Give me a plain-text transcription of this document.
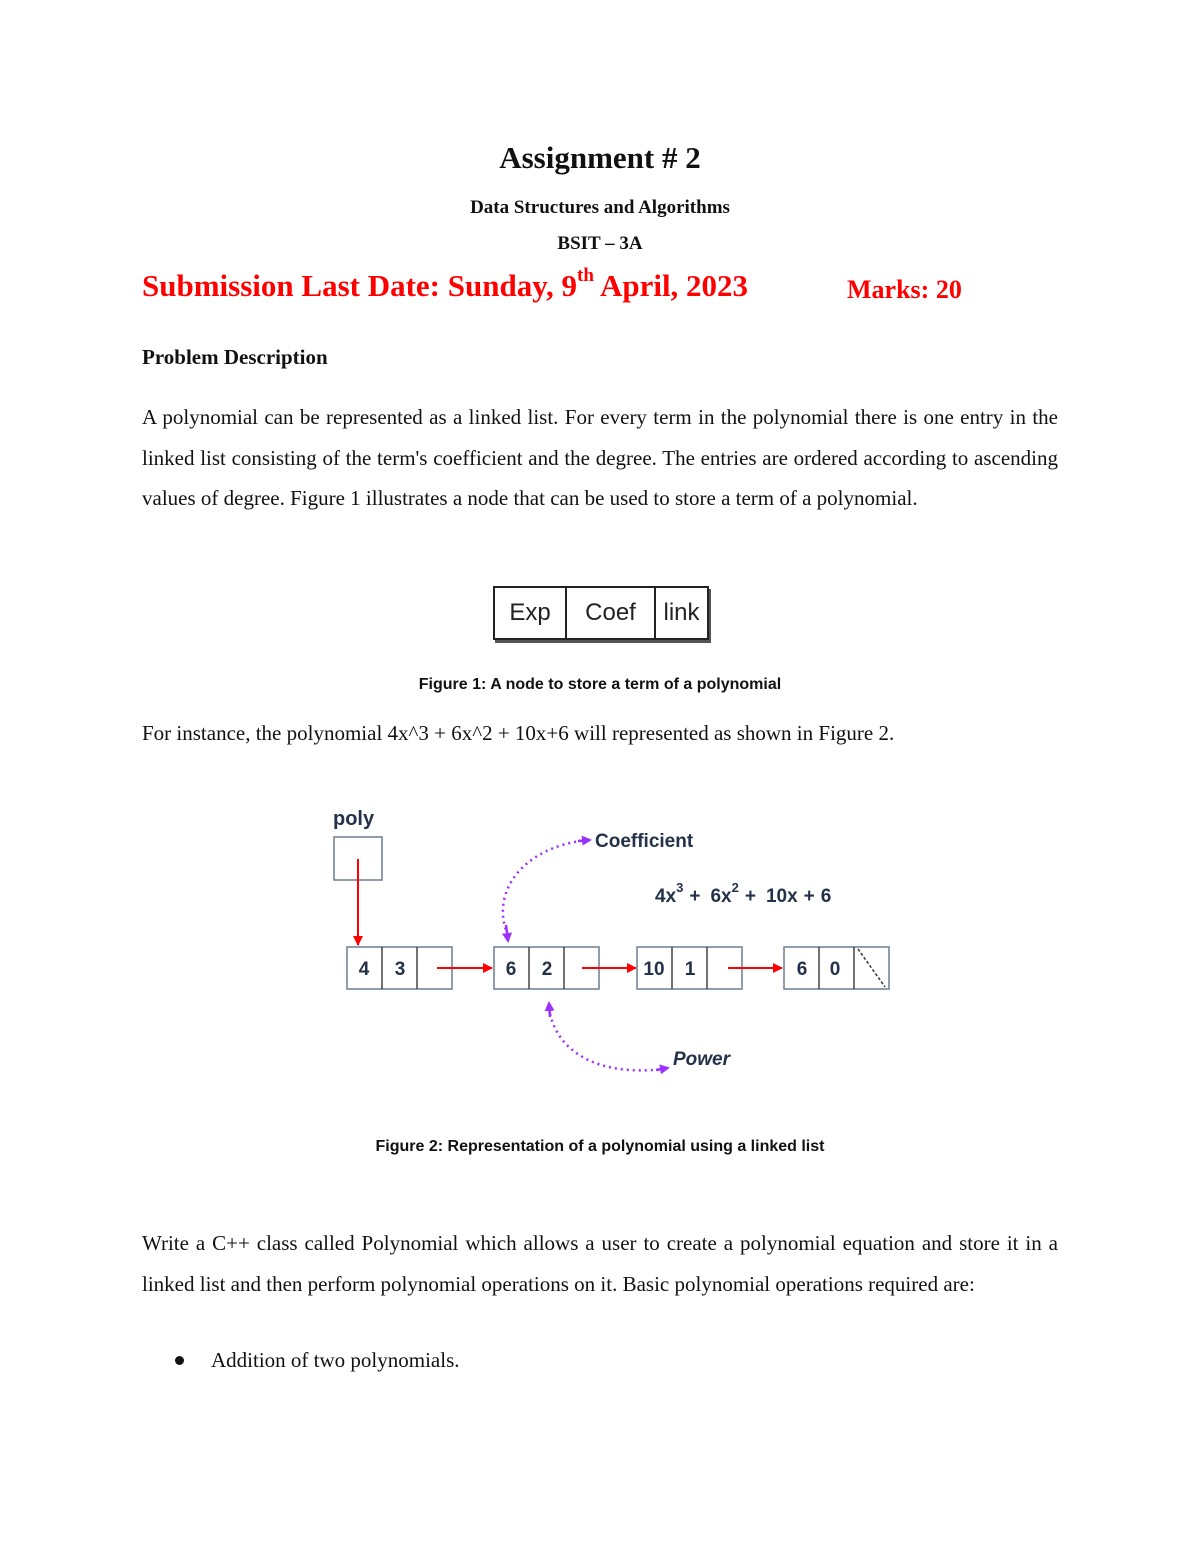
Assignment # 2
Data Structures and Algorithms
BSIT – 3A
Submission Last Date: Sunday, 9th April, 2023	Marks: 20
Problem Description
A polynomial can be represented as a linked list. For every term in the polynomial there is one entry in the linked list consisting of the term's coefficient and the degree. The entries are ordered according to ascending values of degree. Figure 1 illustrates a node that can be used to store a term of a polynomial.
Exp	Coef	link
Figure 1: A node to store a term of a polynomial
For instance, the polynomial 4x^3 + 6x^2 + 10x+6 will represented as shown in Figure 2.
poly
4 3	6 2	10 1	6 0
Coefficient
Power
$4x^3 + 6x^2 + 10x + 6$
Figure 2: Representation of a polynomial using a linked list
Write a C++ class called Polynomial which allows a user to create a polynomial equation and store it in a linked list and then perform polynomial operations on it. Basic polynomial operations required are:
Addition of two polynomials.
